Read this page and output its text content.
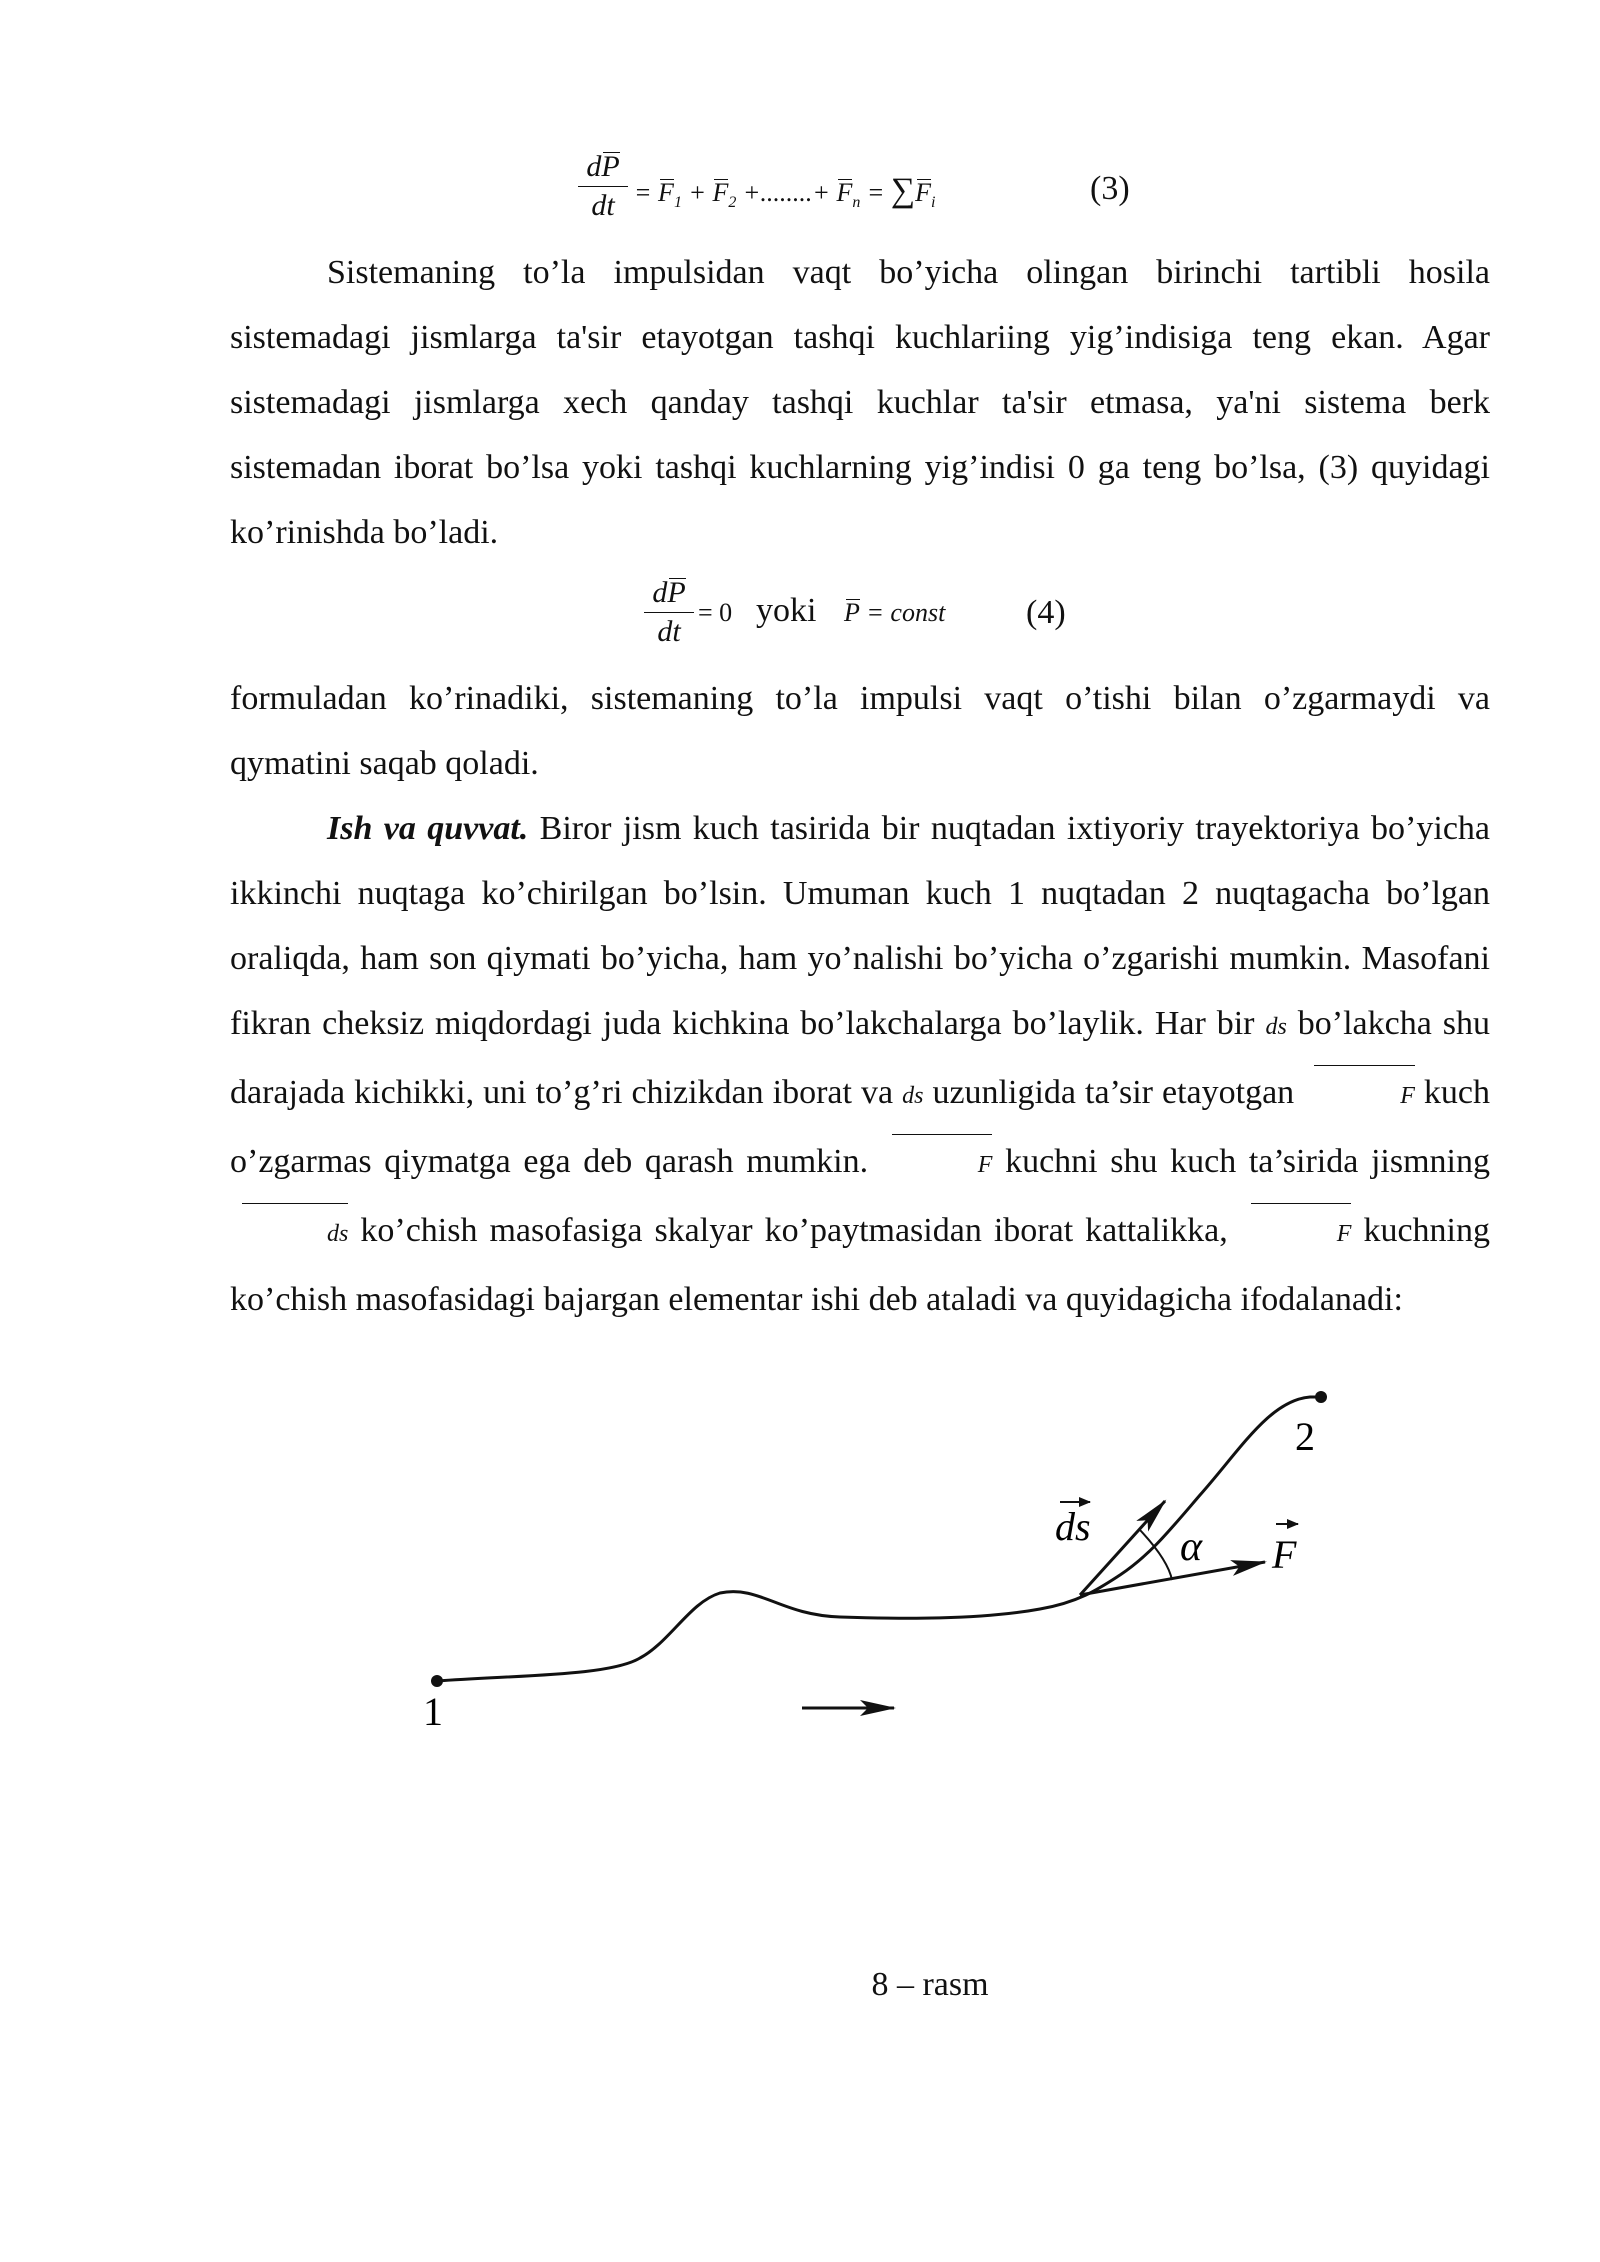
dP
dt = $F_1 + F_2$ +........+ $F_n = \sum F_i$	(3)

Sistemaning to’la impulsidan vaqt bo’yicha olingan birinchi tartibli hosila sistemadagi jismlarga ta'sir etayotgan tashqi kuchlariing yig’indisiga teng ekan. Agar sistemadagi jismlarga xech qanday tashqi kuchlar ta'sir etmasa, ya'ni sistema berk sistemadan iborat bo’lsa yoki tashqi kuchlarning yig’indisi 0 ga teng bo’lsa, (3) quyidagi ko’rinishda bo’ladi.

dP
dt
= 0 yoki P = const (4)

formuladan ko’rinadiki, sistemaning to’la impulsi vaqt o’tishi bilan o’zgarmaydi va qymatini saqab qoladi.

Ish va quvvat. Biror jism kuch tasirida bir nuqtadan ixtiyoriy trayektoriya bo’yicha ikkinchi nuqtaga ko’chirilgan bo’lsin. Umuman kuch 1 nuqtadan 2 nuqtagacha bo’lgan oraliqda, ham son qiymati bo’yicha, ham yo’nalishi bo’yicha o’zgarishi mumkin. Masofani fikran cheksiz miqdordagi juda kichkina bo’lakchalarga bo’laylik. Har bir ds bo’lakcha shu darajada kichikki, uni to’g’ri chizikdan iborat va ds uzunligida ta’sir etayotgan	F kuch o’zgarmas qiymatga ega deb qarash mumkin.	F kuchni shu kuch ta’sirida jismning ds ko’chish masofasiga skalyar ko’paytmasidan iborat kattalikka,	F kuchning ko’chish masofasidagi bajargan elementar ishi deb ataladi va quyidagicha ifodalanadi:

1
2
ds α F
8 – rasm
